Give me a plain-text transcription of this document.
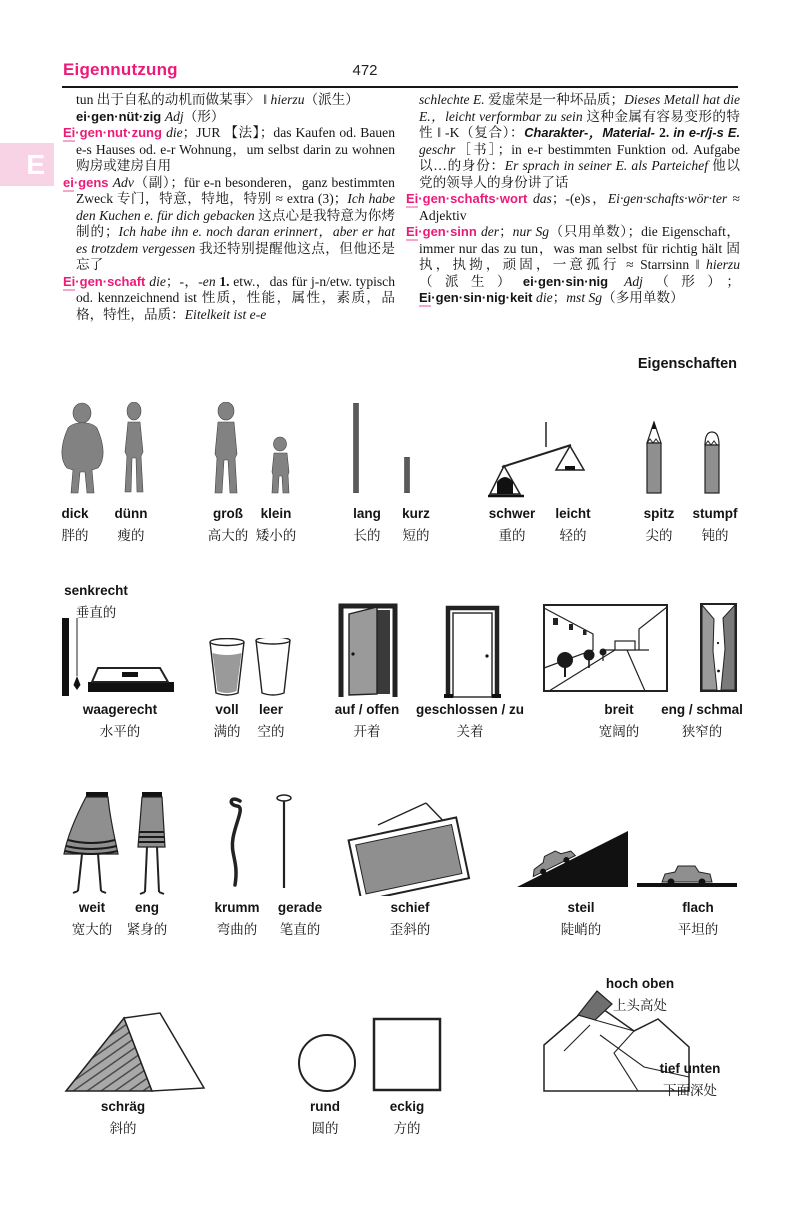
Eigennutzung	472
E

tun 出于自私的动机而做某事〉 ‖ hierzu（派生）

ei·gen·nüt·zig Adj（形）

Ei·gen·nut·zung die；JUR 【法】；das Kaufen od. Bauen e-s Hauses od. e-r Wohnung，um selbst darin zu wohnen 购房或建房自用

ei·gens Adv（副）；für e-n besonderen，ganz bestimmten Zweck 专门，特意，特地，特别 ≈ extra (3)；Ich habe den Kuchen e. für dich gebacken 这点心是我特意为你烤制的；Ich habe ihn e. noch daran erinnert，aber er hat es trotzdem vergessen 我还特别提醒他这点，但他还是忘了

Ei·gen·schaft die；-，-en 1. etw.，das für j-n/etw. typisch od. kennzeichnend ist 性质，性能，属性，素质，品格，特性，品质：Eitelkeit ist e-e

schlechte E. 爱虚荣是一种坏品质；Dieses Metall hat die E.，leicht verformbar zu sein 这种金属有容易变形的特性 ‖ -K（复合）：Charakter-，Material- 2. in e-r/j-s E. geschr［书］；in e-r bestimmten Funktion od. Aufgabe 以…的身份：Er sprach in seiner E. als Parteichef 他以党的领导人的身份讲了话

Ei·gen·schafts·wort das；-(e)s，Ei·gen·schafts·wör·ter ≈ Adjektiv

Ei·gen·sinn der；nur Sg（只用单数）；die Eigenschaft，immer nur das zu tun，was man selbst für richtig hält 固执，执拗，顽固，一意孤行 ≈ Starrsinn ‖ hierzu（派生）ei·gen·sin·nig Adj（形）；Ei·gen·sin·nig·keit die；mst Sg（多用单数）

Eigenschaften
dick
胖的
dünn
瘦的
groß
高大的
klein
矮小的
lang
长的
kurz
短的
schwer
重的
leicht
轻的
spitz
尖的
stumpf
钝的
senkrecht
垂直的
waagerecht
水平的
voll
满的
leer
空的
auf / offen
开着
geschlossen / zu
关着
breit
宽阔的
eng / schmal
狭窄的
weit
宽大的
eng
紧身的
krumm
弯曲的
gerade
笔直的
schief
歪斜的
steil
陡峭的
flach
平坦的
schräg
斜的
rund
圆的
eckig
方的
hoch oben
上头高处
tief unten
下面深处
